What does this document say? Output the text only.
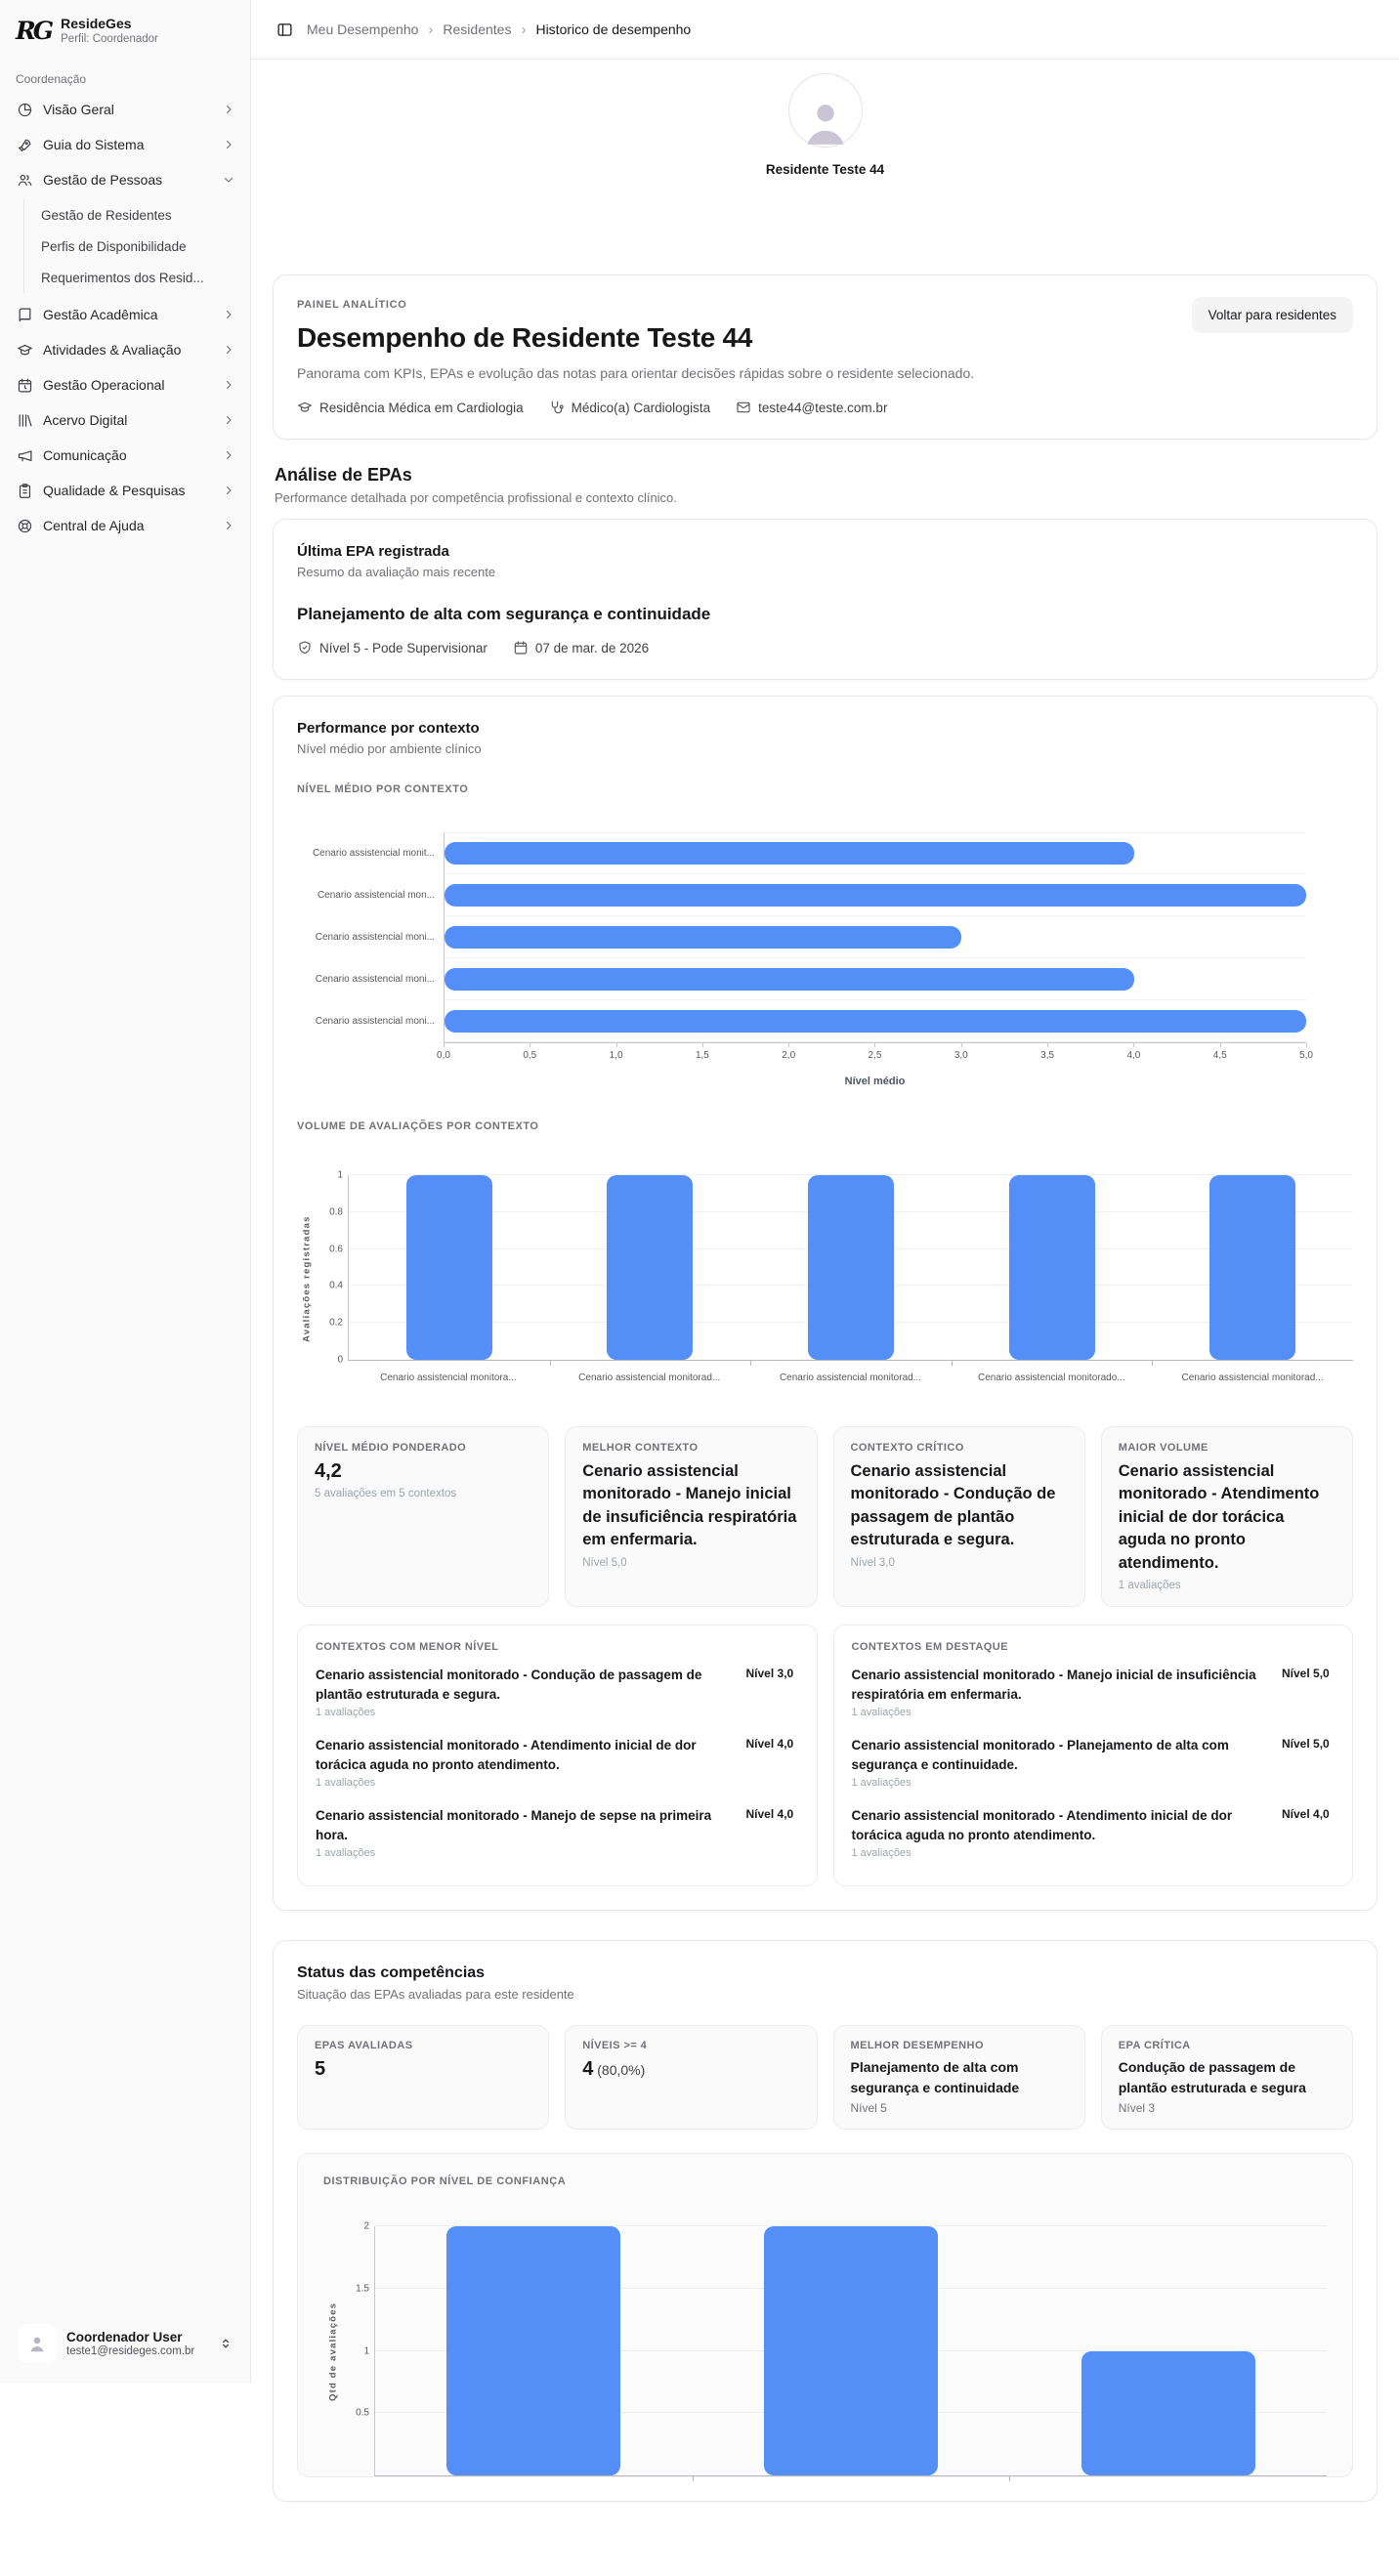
RG ResideGes
Perfil: Coordenador
Coordenação
Visão Geral
Guia do Sistema
Gestão de Pessoas
Gestão de Residentes
Perfis de Disponibilidade
Requerimentos dos Resid...
Gestão Acadêmica
Atividades & Avaliação
Gestão Operacional
Acervo Digital
Comunicação
Qualidade & Pesquisas
Central de Ajuda
Coordenador User
teste1@resideges.com.br
Meu Desempenho › Residentes › Historico de desempenho
Residente Teste 44
PAINEL ANALÍTICO
Desempenho de Residente Teste 44

Panorama com KPIs, EPAs e evolução das notas para orientar decisões rápidas sobre o residente selecionado.

Residência Médica em Cardiologia	Médico(a) Cardiologista	teste44@teste.com.br
Voltar para residentes
Análise de EPAs

Performance detalhada por competência profissional e contexto clínico.

Última EPA registrada

Resumo da avaliação mais recente

Planejamento de alta com segurança e continuidade
Nível 5 - Pode Supervisionar	07 de mar. de 2026
Performance por contexto

Nível médio por ambiente clínico

NÍVEL MÉDIO POR CONTEXTO
Cenario assistencial monit...
Cenario assistencial mon...
Cenario assistencial moni...
Cenario assistencial moni...
Cenario assistencial moni...
0,0	0,5	1,0	1,5	2,0	2,5	3,0	3,5	4,0	4,5	5,0
Nível médio
VOLUME DE AVALIAÇÕES POR CONTEXTO
Avaliações registradas
1
0.8
0.6
0.4
0.2
0
Cenario assistencial monitora...	Cenario assistencial monitorad...	Cenario assistencial monitorad...	Cenario assistencial monitorado...	Cenario assistencial monitorad...
NÍVEL MÉDIO PONDERADO
4,2
5 avaliações em 5 contextos
MELHOR CONTEXTO
Cenario assistencial monitorado - Manejo inicial de insuficiência respiratória em enfermaria.
Nível 5,0
CONTEXTO CRÍTICO
Cenario assistencial monitorado - Condução de passagem de plantão estruturada e segura.
Nível 3,0
MAIOR VOLUME
Cenario assistencial monitorado - Atendimento inicial de dor torácica aguda no pronto atendimento.
1 avaliações
CONTEXTOS COM MENOR NÍVEL
Cenario assistencial monitorado - Condução de passagem de plantão estruturada e segura.
1 avaliações
Nível 3,0
Cenario assistencial monitorado - Atendimento inicial de dor torácica aguda no pronto atendimento.
1 avaliações
Nível 4,0
Cenario assistencial monitorado - Manejo de sepse na primeira hora.
1 avaliações
Nível 4,0
CONTEXTOS EM DESTAQUE
Cenario assistencial monitorado - Manejo inicial de insuficiência respiratória em enfermaria.
1 avaliações
Nível 5,0
Cenario assistencial monitorado - Planejamento de alta com segurança e continuidade.
1 avaliações
Nível 5,0
Cenario assistencial monitorado - Atendimento inicial de dor torácica aguda no pronto atendimento.
1 avaliações
Nível 4,0
Status das competências

Situação das EPAs avaliadas para este residente

EPAS AVALIADAS
5
NÍVEIS >= 4
4 (80,0%)
MELHOR DESEMPENHO
Planejamento de alta com segurança e continuidade
Nível 5
EPA CRÍTICA
Condução de passagem de plantão estruturada e segura
Nível 3
DISTRIBUIÇÃO POR NÍVEL DE CONFIANÇA
Qtd de avaliações
2
1.5
1
0.5
